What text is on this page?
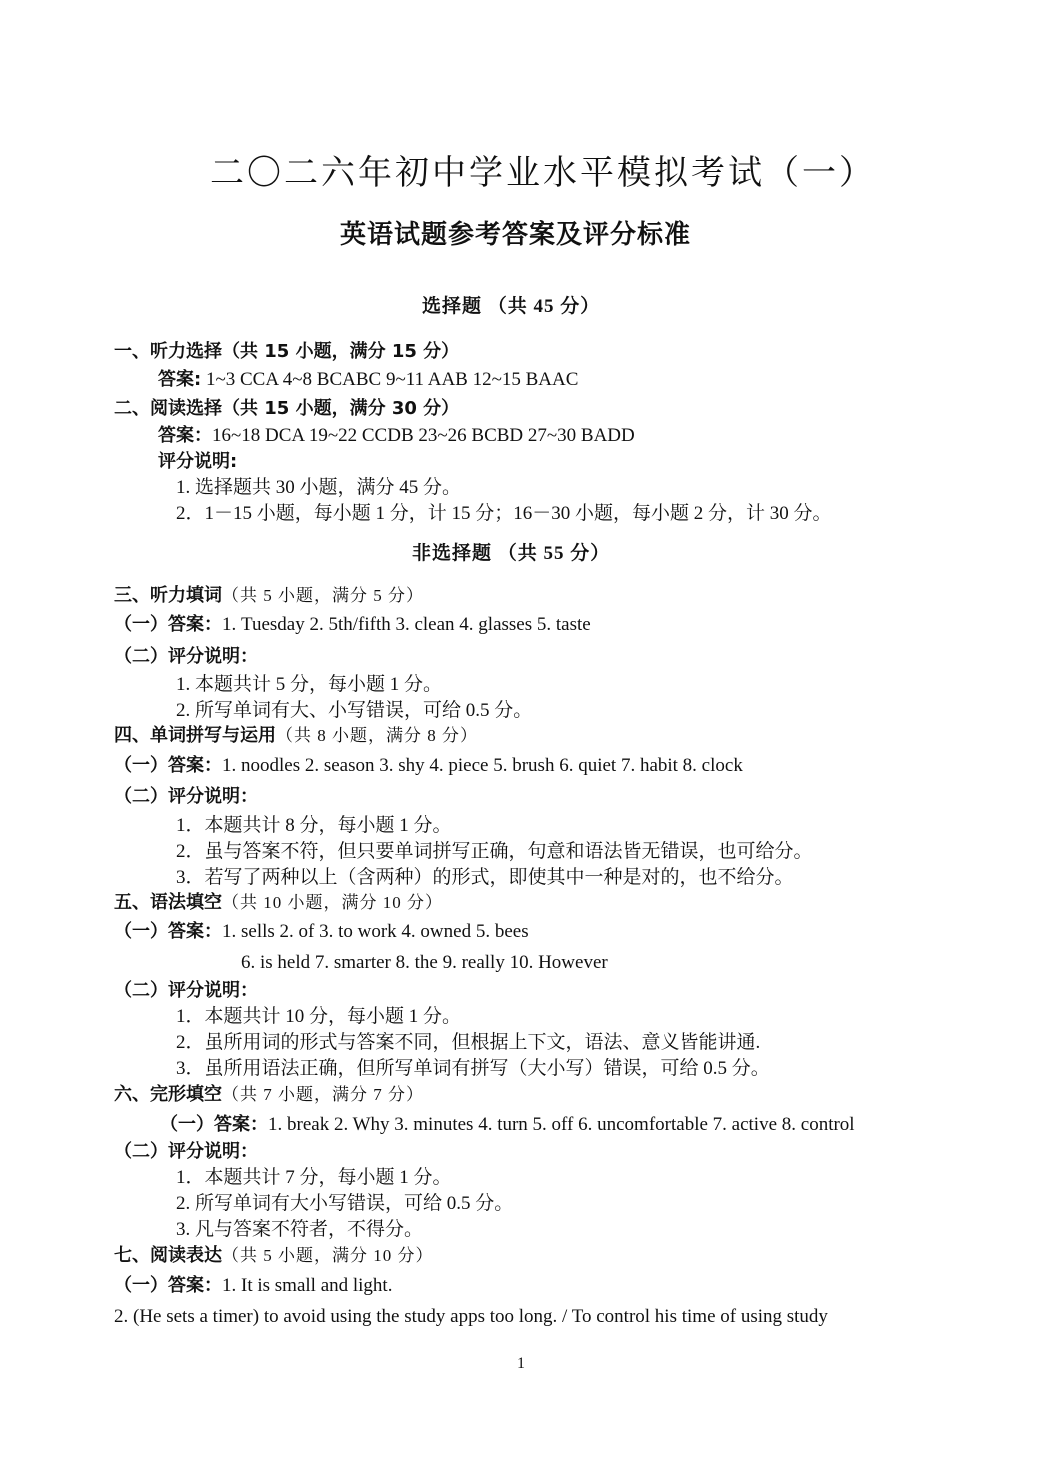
二〇二六年初中学业水平模拟考试（一）
英语试题参考答案及评分标准
选择题 （共 45 分）
一、听力选择（共 15 小题，满分 15 分）
答案: 1~3 CCA 4~8 BCABC 9~11 AAB 12~15 BAAC
二、阅读选择（共 15 小题，满分 30 分）
答案：16~18 DCA 19~22 CCDB 23~26 BCBD 27~30 BADD
评分说明:
1. 选择题共 30 小题，满分 45 分。
2．1－15 小题，每小题 1 分，计 15 分；16－30 小题，每小题 2 分，计 30 分。
非选择题 （共 55 分）
三、听力填词（共 5 小题，满分 5 分）
（一）答案：1. Tuesday 2. 5th/fifth 3. clean 4. glasses 5. taste
（二）评分说明：
1. 本题共计 5 分，每小题 1 分。
2. 所写单词有大、小写错误，可给 0.5 分。
四、单词拼写与运用（共 8 小题，满分 8 分）
（一）答案：1. noodles 2. season 3. shy 4. piece 5. brush 6. quiet 7. habit 8. clock
（二）评分说明：
1．本题共计 8 分，每小题 1 分。
2．虽与答案不符，但只要单词拼写正确，句意和语法皆无错误，也可给分。
3．若写了两种以上（含两种）的形式，即使其中一种是对的，也不给分。
五、语法填空（共 10 小题，满分 10 分）
（一）答案：1. sells 2. of 3. to work 4. owned 5. bees
6. is held 7. smarter 8. the 9. really 10. However
（二）评分说明：
1．本题共计 10 分，每小题 1 分。
2．虽所用词的形式与答案不同，但根据上下文，语法、意义皆能讲通.
3．虽所用语法正确，但所写单词有拼写（大小写）错误，可给 0.5 分。
六、完形填空（共 7 小题，满分 7 分）
（一）答案：1. break 2. Why 3. minutes 4. turn 5. off 6. uncomfortable 7. active 8. control
（二）评分说明：
1．本题共计 7 分，每小题 1 分。
2. 所写单词有大小写错误，可给 0.5 分。
3. 凡与答案不符者，不得分。
七、阅读表达（共 5 小题，满分 10 分）
（一）答案：1. It is small and light.
2. (He sets a timer) to avoid using the study apps too long. / To control his time of using study
1
